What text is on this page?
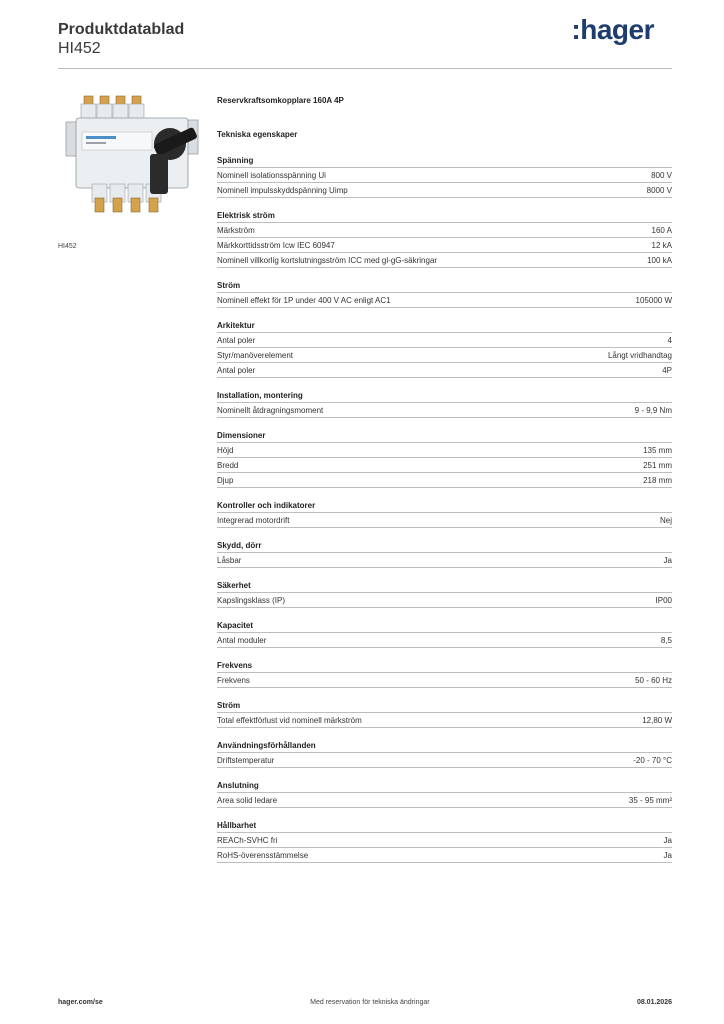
Produktdatablad
HI452
:hager
HI452
Reservkraftsomkopplare 160A 4P
Tekniska egenskaper
Spänning
Nominell isolationsspänning Ui	800 V
Nominell impulsskyddspänning Uimp	8000 V
Elektrisk ström
Märkström	160 A
Märkkorttidsström Icw IEC 60947	12 kA
Nominell villkorlig kortslutningsström ICC med gl-gG-säkringar	100 kA
Ström
Nominell effekt för 1P under 400 V AC enligt AC1	105000 W
Arkitektur
Antal poler	4
Styr/manöverelement	Långt vridhandtag
Antal poler	4P
Installation, montering
Nominellt åtdragningsmoment	9 - 9,9 Nm
Dimensioner
Höjd	135 mm
Bredd	251 mm
Djup	218 mm
Kontroller och indikatorer
Integrerad motordrift	Nej
Skydd, dörr
Låsbar	Ja
Säkerhet
Kapslingsklass (IP)	IP00
Kapacitet
Antal moduler	8,5
Frekvens
Frekvens	50 - 60 Hz
Ström
Total effektförlust vid nominell märkström	12,80 W
Användningsförhållanden
Driftstemperatur	-20 - 70 °C
Anslutning
Area solid ledare	35 - 95 mm²
Hållbarhet
REACh-SVHC fri	Ja
RoHS-överensstämmelse	Ja
hager.com/se	Med reservation för tekniska ändringar	08.01.2026
